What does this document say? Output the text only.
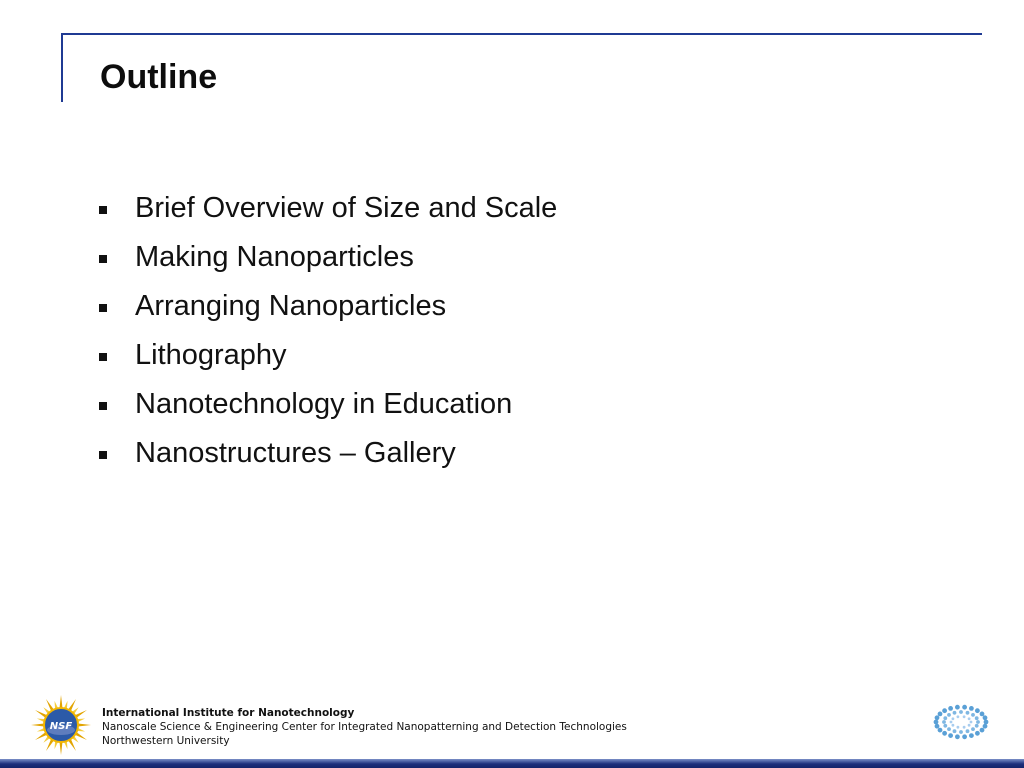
Outline
Brief Overview of Size and Scale
Making Nanoparticles
Arranging Nanoparticles
Lithography
Nanotechnology in Education
Nanostructures – Gallery
NSF
International Institute for Nanotechnology
Nanoscale Science & Engineering Center for Integrated Nanopatterning and Detection Technologies
Northwestern University
